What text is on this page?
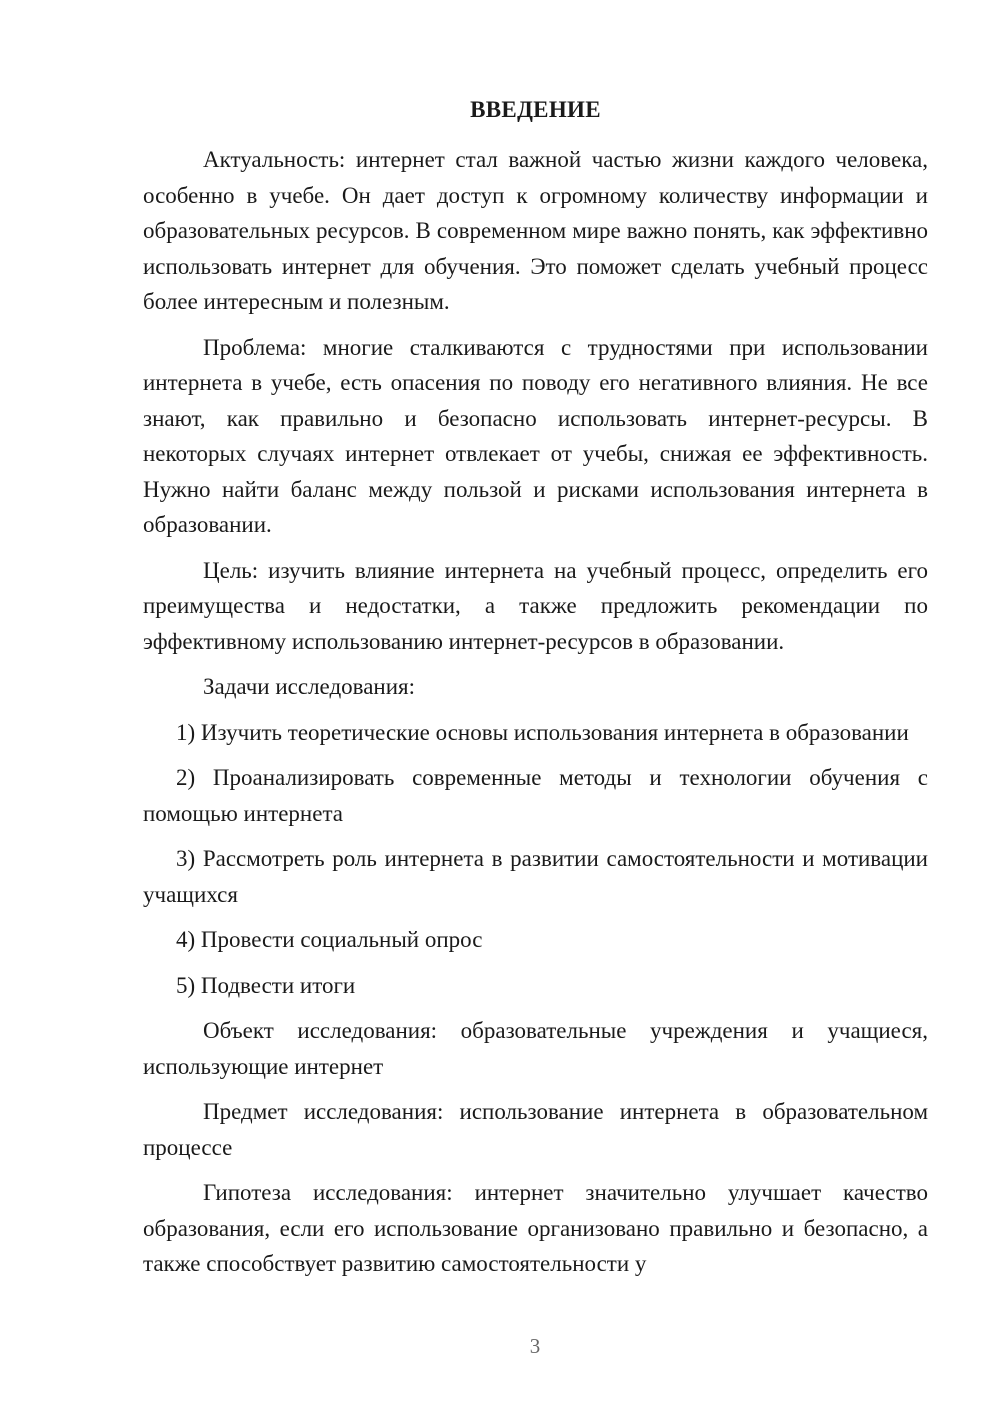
ВВЕДЕНИЕ

Актуальность: интернет стал важной частью жизни каждого человека, особенно в учебе. Он дает доступ к огромному количеству информации и образовательных ресурсов. В современном мире важно понять, как эффективно использовать интернет для обучения. Это поможет сделать учебный процесс более интересным и полезным.

Проблема: многие сталкиваются с трудностями при использовании интернета в учебе, есть опасения по поводу его негативного влияния. Не все знают, как правильно и безопасно использовать интернет-ресурсы. В некоторых случаях интернет отвлекает от учебы, снижая ее эффективность. Нужно найти баланс между пользой и рисками использования интернета в образовании.

Цель: изучить влияние интернета на учебный процесс, определить его преимущества и недостатки, а также предложить рекомендации по эффективному использованию интернет-ресурсов в образовании.

Задачи исследования:

1) Изучить теоретические основы использования интернета в образовании

2) Проанализировать современные методы и технологии обучения с помощью интернета

3) Рассмотреть роль интернета в развитии самостоятельности и мотивации учащихся

4) Провести социальный опрос

5) Подвести итоги

Объект исследования: образовательные учреждения и учащиеся, использующие интернет

Предмет исследования: использование интернета в образовательном процессе

Гипотеза исследования: интернет значительно улучшает качество образования, если его использование организовано правильно и безопасно, а также способствует развитию самостоятельности у

3
